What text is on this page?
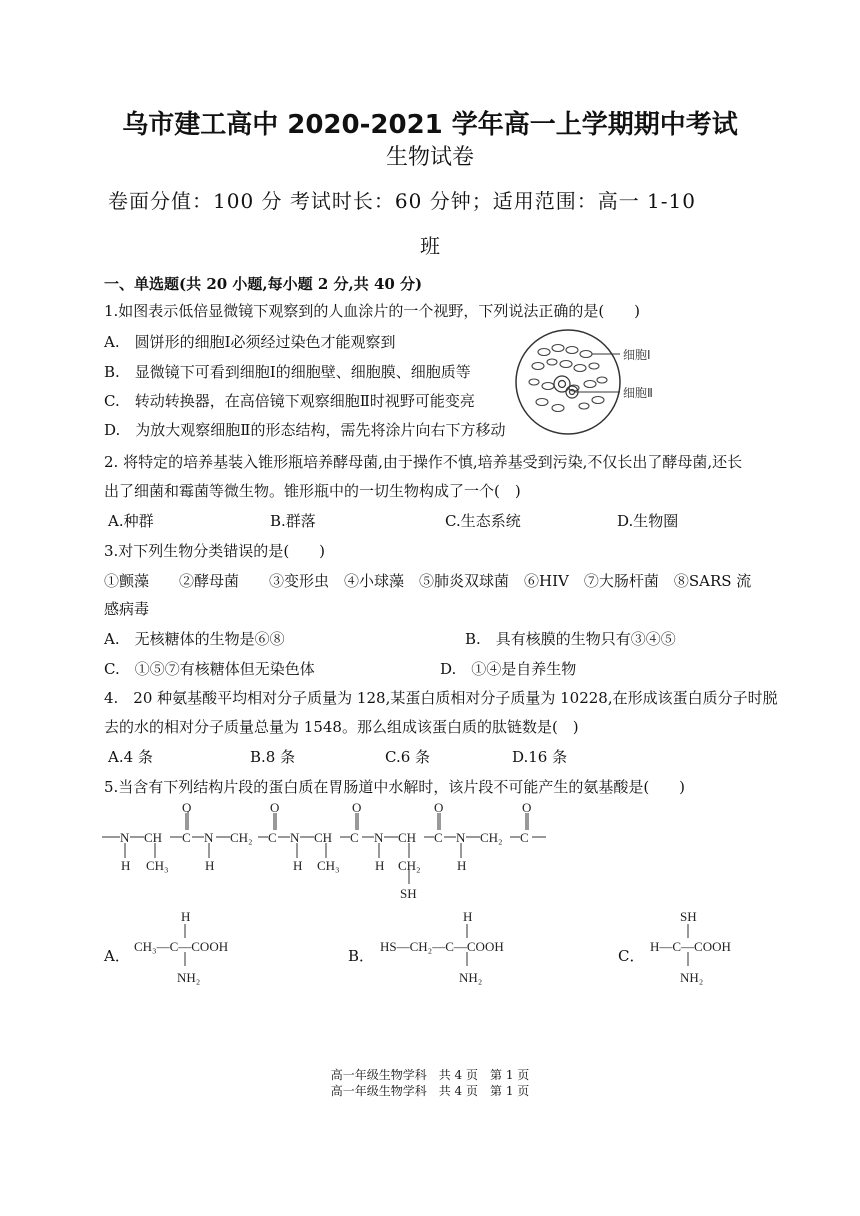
乌市建工高中 2020-2021 学年高一上学期期中考试
生物试卷
卷面分值：100 分 考试时长：60 分钟；适用范围：高一 1-10
班
一、单选题(共 20 小题,每小题 2 分,共 40 分)
1.如图表示低倍显微镜下观察到的人血涂片的一个视野，下列说法正确的是(　　)
A.　圆饼形的细胞Ⅰ必须经过染色才能观察到
B.　显微镜下可看到细胞Ⅰ的细胞壁、细胞膜、细胞质等
C.　转动转换器，在高倍镜下观察细胞Ⅱ时视野可能变亮
D.　为放大观察细胞Ⅱ的形态结构，需先将涂片向右下方移动
细胞Ⅰ
细胞Ⅱ
2. 将特定的培养基装入锥形瓶培养酵母菌,由于操作不慎,培养基受到污染,不仅长出了酵母菌,还长
出了细菌和霉菌等微生物。锥形瓶中的一切生物构成了一个(　)
A.种群	B.群落	C.生态系统	D.生物圈
3.对下列生物分类错误的是(　　)
①颤藻　　②酵母菌　　③变形虫　④小球藻　⑤肺炎双球菌　⑥HIV　⑦大肠杆菌　⑧SARS 流
感病毒
A.　无核糖体的生物是⑥⑧	B.　具有核膜的生物只有③④⑤
C.　①⑤⑦有核糖体但无染色体	D.　①④是自养生物
4.　20 种氨基酸平均相对分子质量为 128,某蛋白质相对分子质量为 10228,在形成该蛋白质分子时脱
去的水的相对分子质量总量为 1548。那么组成该蛋白质的肽链数是(　)
A.4 条	B.8 条	C.6 条	D.16 条
5.当含有下列结构片段的蛋白质在胃肠道中水解时，该片段不可能产生的氨基酸是(　　)
O	O	O	O	O
N CH C N CH₂ C N CH C N CH C N CH₂ C
H CH₃	H	H CH₃	H CH₂	H
SH
A．
H
CH₃—C—COOH
NH₂
B．
H
HS—CH₂—C—COOH
NH₂
C．
SH
H—C—COOH
NH₂
高一年级生物学科　共 4 页　第 1 页
高一年级生物学科　共 4 页　第 1 页
